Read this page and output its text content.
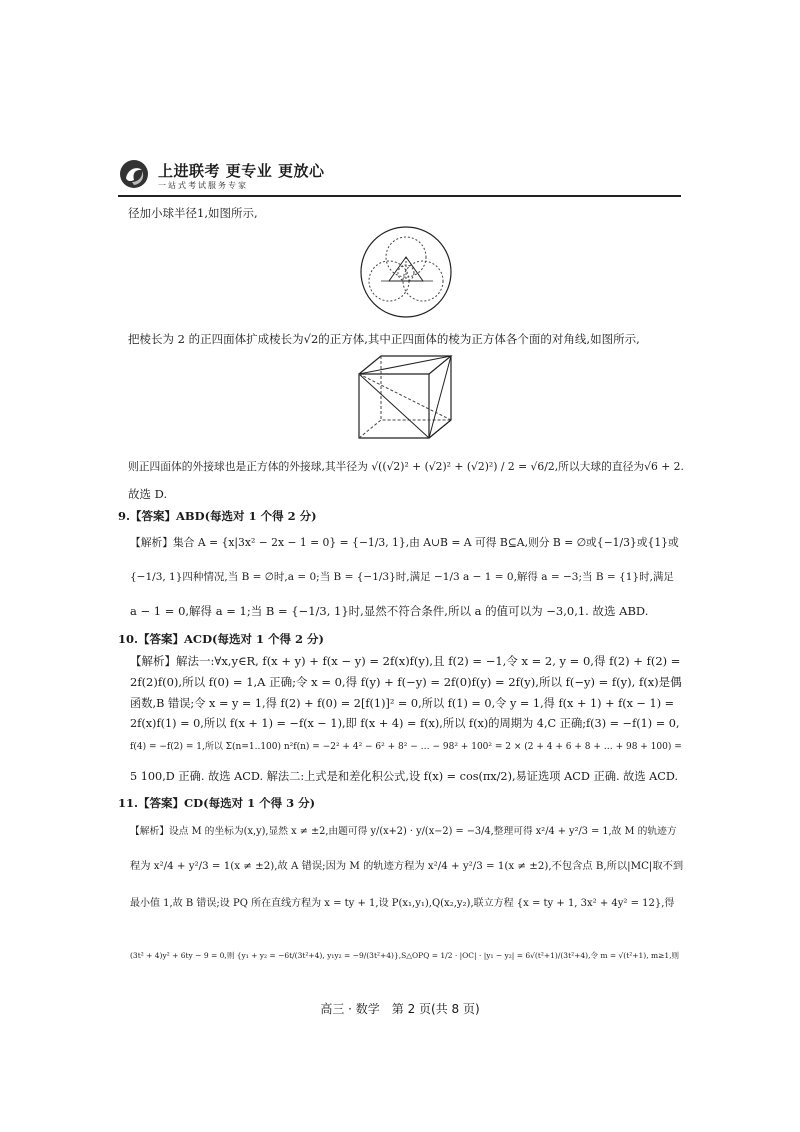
上进联考 更专业 更放心
一站式考试服务专家
径加小球半径1,如图所示,
把棱长为 2 的正四面体扩成棱长为√2的正方体,其中正四面体的棱为正方体各个面的对角线,如图所示,
则正四面体的外接球也是正方体的外接球,其半径为 √((√2)² + (√2)² + (√2)²) / 2 = √6/2,所以大球的直径为√6 + 2.
故选 D.
9.【答案】ABD(每选对 1 个得 2 分)
【解析】集合 A = {x|3x² − 2x − 1 = 0} = {−1/3, 1},由 A∪B = A 可得 B⊆A,则分 B = ∅或{−1/3}或{1}或
{−1/3, 1}四种情况,当 B = ∅时,a = 0;当 B = {−1/3}时,满足 −1/3 a − 1 = 0,解得 a = −3;当 B = {1}时,满足
a − 1 = 0,解得 a = 1;当 B = {−1/3, 1}时,显然不符合条件,所以 a 的值可以为 −3,0,1. 故选 ABD.
10.【答案】ACD(每选对 1 个得 2 分)
【解析】解法一:∀x,y∈R, f(x + y) + f(x − y) = 2f(x)f(y),且 f(2) = −1,令 x = 2, y = 0,得 f(2) + f(2) =
2f(2)f(0),所以 f(0) = 1,A 正确;令 x = 0,得 f(y) + f(−y) = 2f(0)f(y) = 2f(y),所以 f(−y) = f(y), f(x)是偶
函数,B 错误;令 x = y = 1,得 f(2) + f(0) = 2[f(1)]² = 0,所以 f(1) = 0,令 y = 1,得 f(x + 1) + f(x − 1) =
2f(x)f(1) = 0,所以 f(x + 1) = −f(x − 1),即 f(x + 4) = f(x),所以 f(x)的周期为 4,C 正确;f(3) = −f(1) = 0,
f(4) = −f(2) = 1,所以 Σ(n=1..100) n²f(n) = −2² + 4² − 6² + 8² − … − 98² + 100² = 2 × (2 + 4 + 6 + 8 + … + 98 + 100) =
5 100,D 正确. 故选 ACD. 解法二:上式是和差化积公式,设 f(x) = cos(πx/2),易证选项 ACD 正确. 故选 ACD.
11.【答案】CD(每选对 1 个得 3 分)
【解析】设点 M 的坐标为(x,y),显然 x ≠ ±2,由题可得 y/(x+2) · y/(x−2) = −3/4,整理可得 x²/4 + y²/3 = 1,故 M 的轨迹方
程为 x²/4 + y²/3 = 1(x ≠ ±2),故 A 错误;因为 M 的轨迹方程为 x²/4 + y²/3 = 1(x ≠ ±2),不包含点 B,所以|MC|取不到
最小值 1,故 B 错误;设 PQ 所在直线方程为 x = ty + 1,设 P(x₁,y₁),Q(x₂,y₂),联立方程 {x = ty + 1, 3x² + 4y² = 12},得
(3t² + 4)y² + 6ty − 9 = 0,则 {y₁ + y₂ = −6t/(3t²+4), y₁y₂ = −9/(3t²+4)},S△OPQ = 1/2 · |OC| · |y₁ − y₂| = 6√(t²+1)/(3t²+4),令 m = √(t²+1), m≥1,则
高三 · 数学　第 2 页(共 8 页)
